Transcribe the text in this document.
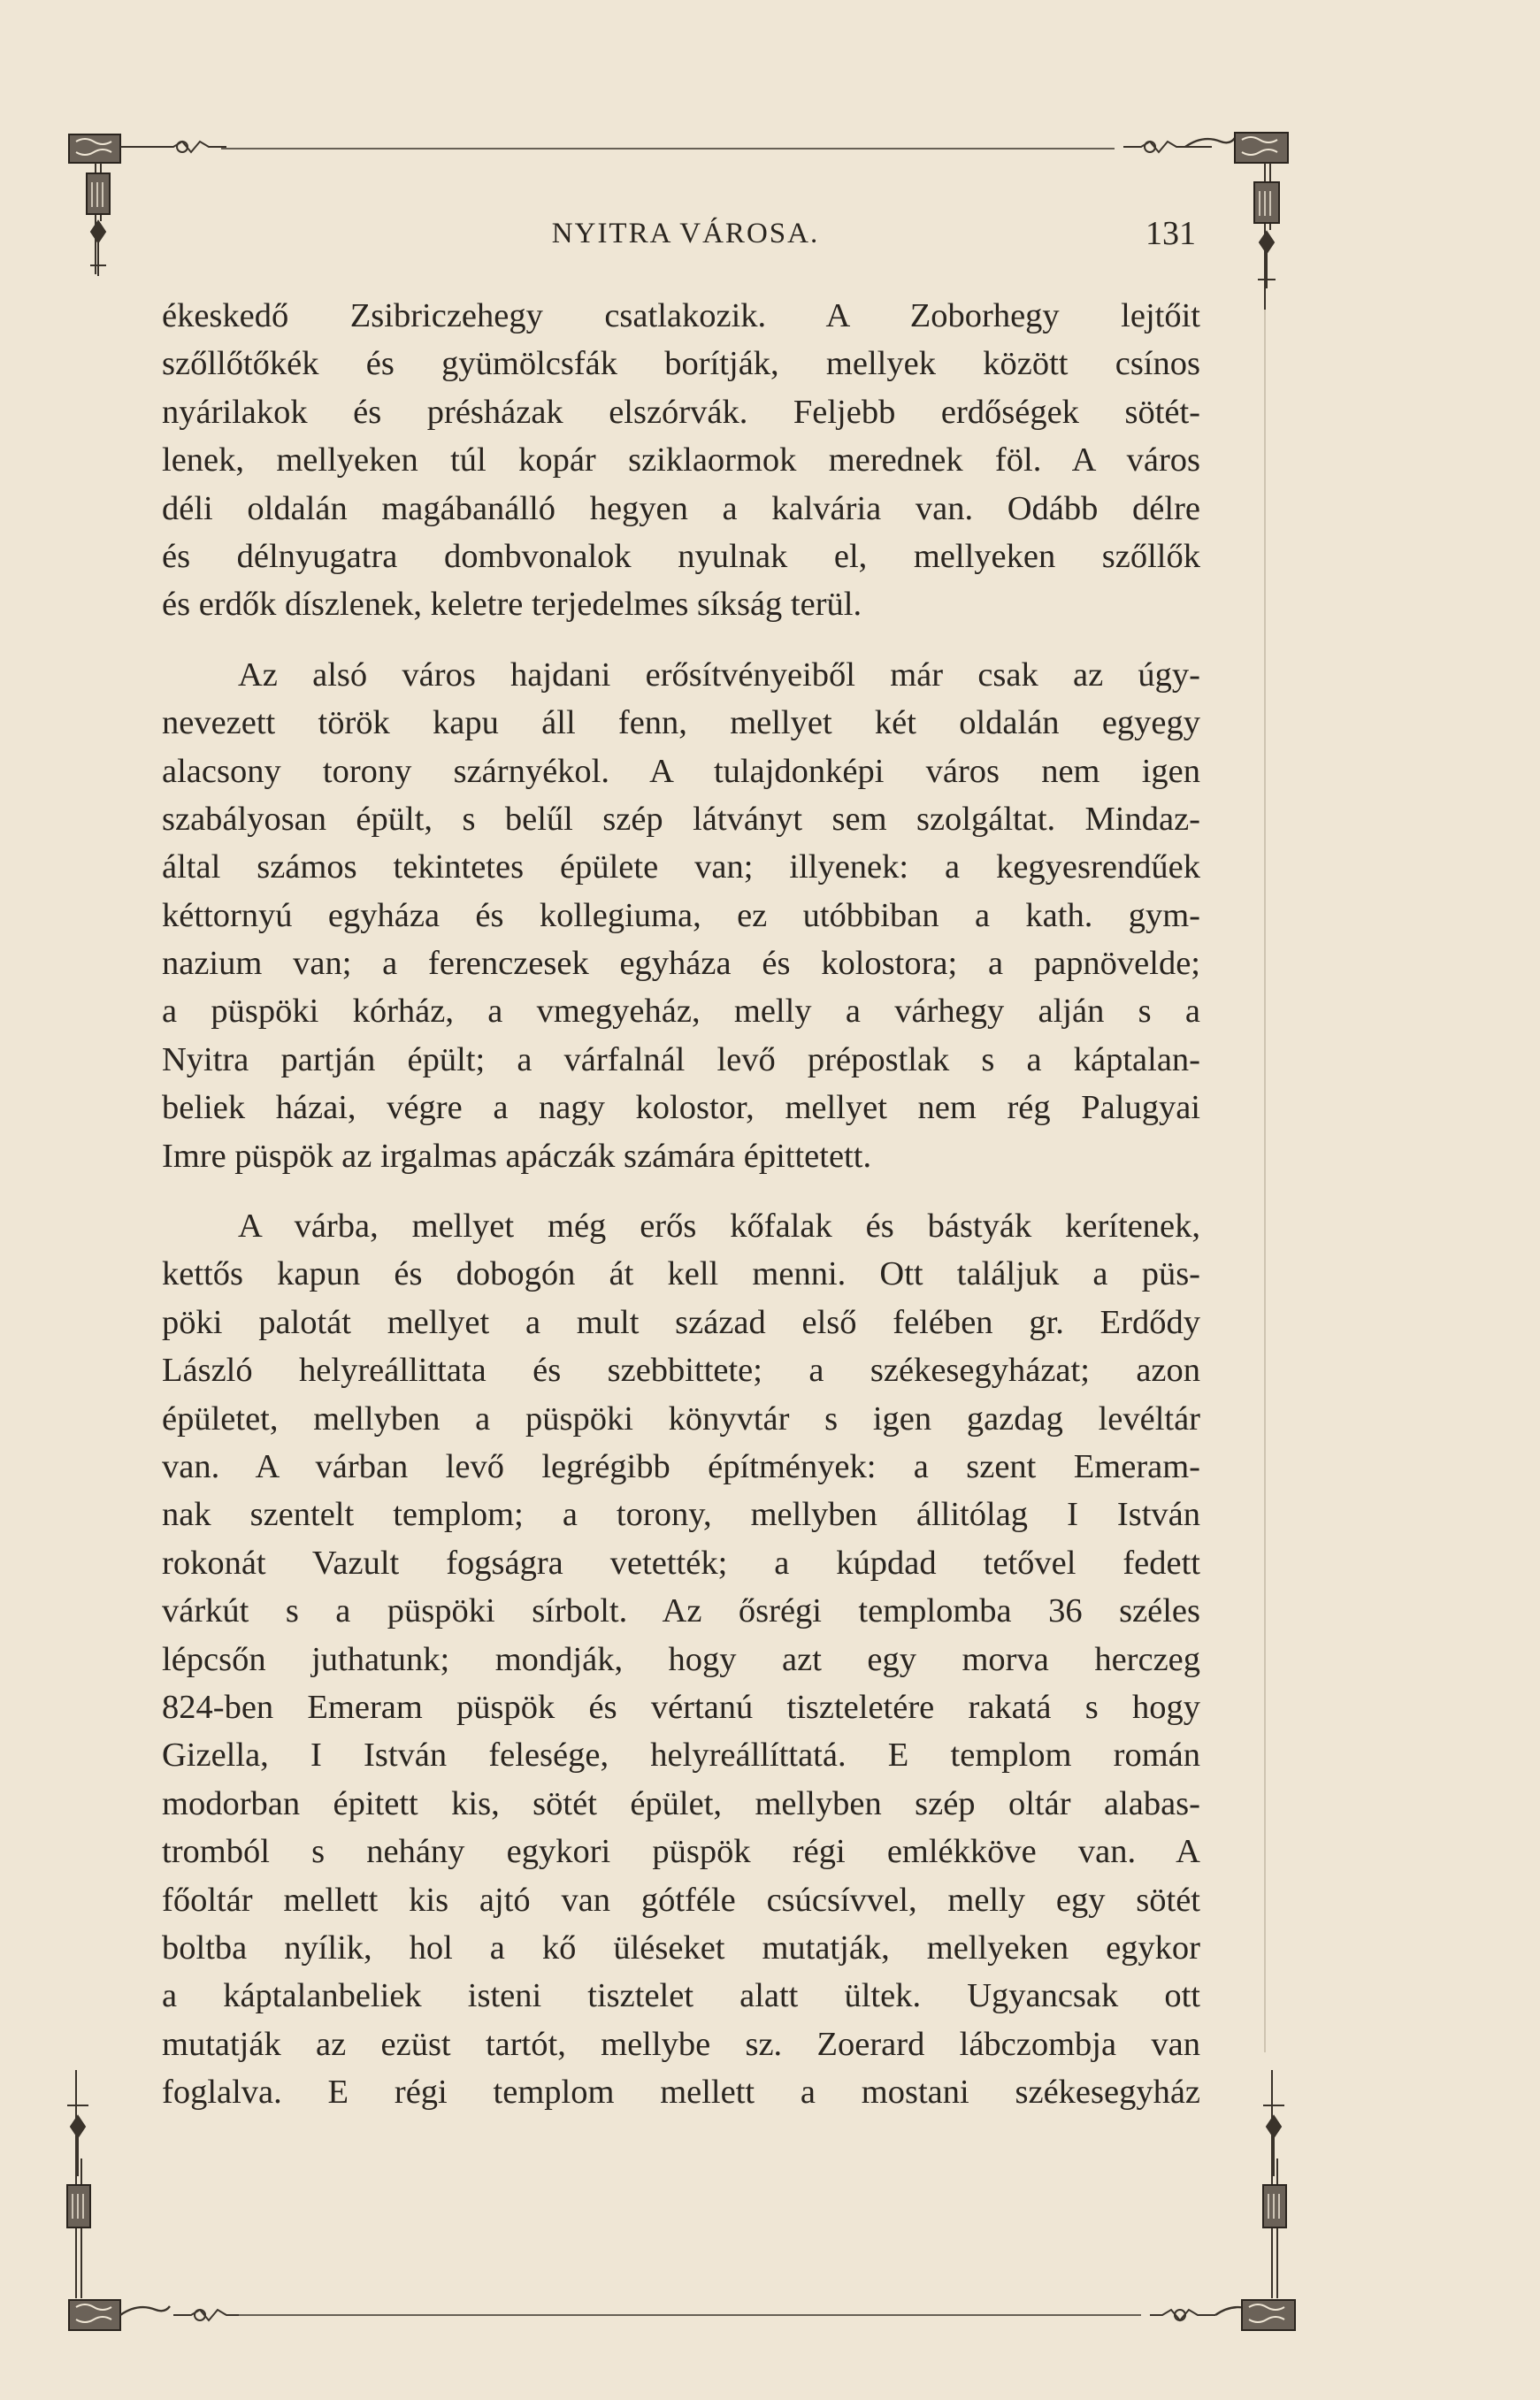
NYITRA VÁROSA.	131
ékeskedő Zsibriczehegy csatlakozik. A Zoborhegy lejtőit
szőllőtőkék és gyümölcsfák borítják, mellyek között csínos
nyárilakok és présházak elszórvák. Feljebb erdőségek sötét-
lenek, mellyeken túl kopár sziklaormok merednek föl. A város
déli oldalán magábanálló hegyen a kalvária van. Odább délre
és délnyugatra dombvonalok nyulnak el, mellyeken szőllők
és erdők díszlenek, keletre terjedelmes síkság terül.
Az alsó város hajdani erősítvényeiből már csak az úgy-
nevezett török kapu áll fenn, mellyet két oldalán egyegy
alacsony torony szárnyékol. A tulajdonképi város nem igen
szabályosan épült, s belűl szép látványt sem szolgáltat. Mindaz-
által számos tekintetes épülete van; illyenek: a kegyesrendűek
kéttornyú egyháza és kollegiuma, ez utóbbiban a kath. gym-
nazium van; a ferenczesek egyháza és kolostora; a papnövelde;
a püspöki kórház, a vmegyeház, melly a várhegy alján s a
Nyitra partján épült; a várfalnál levő prépostlak s a káptalan-
beliek házai, végre a nagy kolostor, mellyet nem rég Palugyai
Imre püspök az irgalmas apáczák számára épittetett.
A várba, mellyet még erős kőfalak és bástyák kerítenek,
kettős kapun és dobogón át kell menni. Ott találjuk a püs-
pöki palotát mellyet a mult század első felében gr. Erdődy
László helyreállittata és szebbittete; a székesegyházat; azon
épületet, mellyben a püspöki könyvtár s igen gazdag levéltár
van. A várban levő legrégibb építmények: a szent Emeram-
nak szentelt templom; a torony, mellyben állitólag I István
rokonát Vazult fogságra vetették; a kúpdad tetővel fedett
várkút s a püspöki sírbolt. Az ősrégi templomba 36 széles
lépcsőn juthatunk; mondják, hogy azt egy morva herczeg
824-ben Emeram püspök és vértanú tiszteletére rakatá s hogy
Gizella, I István felesége, helyreállíttatá. E templom román
modorban épitett kis, sötét épület, mellyben szép oltár alabas-
tromból s nehány egykori püspök régi emlékköve van. A
főoltár mellett kis ajtó van gótféle csúcsívvel, melly egy sötét
boltba nyílik, hol a kő üléseket mutatják, mellyeken egykor
a káptalanbeliek isteni tisztelet alatt ültek. Ugyancsak ott
mutatják az ezüst tartót, mellybe sz. Zoerard lábczombja van
foglalva. E régi templom mellett a mostani székesegyház
